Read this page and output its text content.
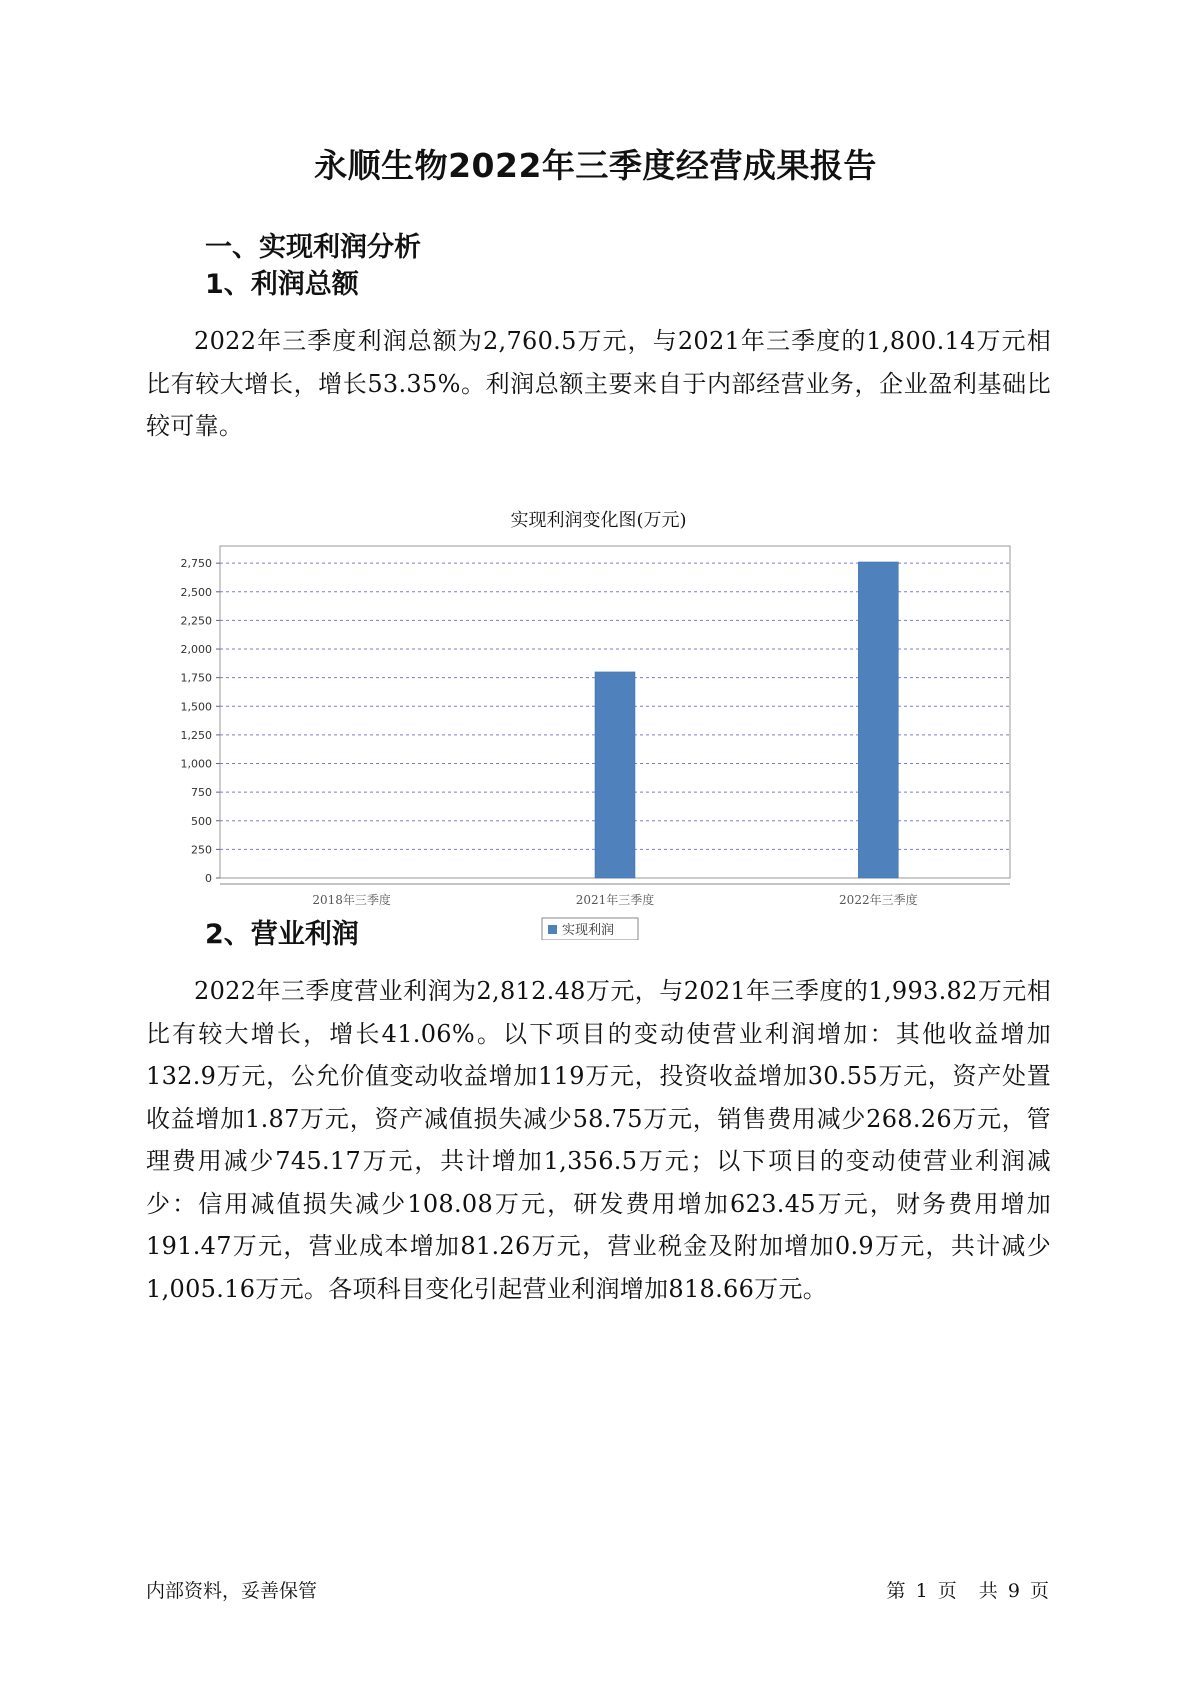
永顺生物2022年三季度经营成果报告
一、实现利润分析
1、利润总额
2022年三季度利润总额为2,760.5万元，与2021年三季度的1,800.14万元相比有较大增长，增长53.35%。利润总额主要来自于内部经营业务，企业盈利基础比较可靠。
实现利润变化图(万元)
0
250
500
750
1,000
1,250
1,500
1,750
2,000
2,250
2,500
2,750
2018年三季度	2021年三季度	2022年三季度
实现利润
2、营业利润
2022年三季度营业利润为2,812.48万元，与2021年三季度的1,993.82万元相比有较大增长，增长41.06%。以下项目的变动使营业利润增加：其他收益增加132.9万元，公允价值变动收益增加119万元，投资收益增加30.55万元，资产处置收益增加1.87万元，资产减值损失减少58.75万元，销售费用减少268.26万元，管理费用减少745.17万元，共计增加1,356.5万元；以下项目的变动使营业利润减少：信用减值损失减少108.08万元，研发费用增加623.45万元，财务费用增加191.47万元，营业成本增加81.26万元，营业税金及附加增加0.9万元，共计减少1,005.16万元。各项科目变化引起营业利润增加818.66万元。
内部资料，妥善保管	第 1 页 共 9 页
